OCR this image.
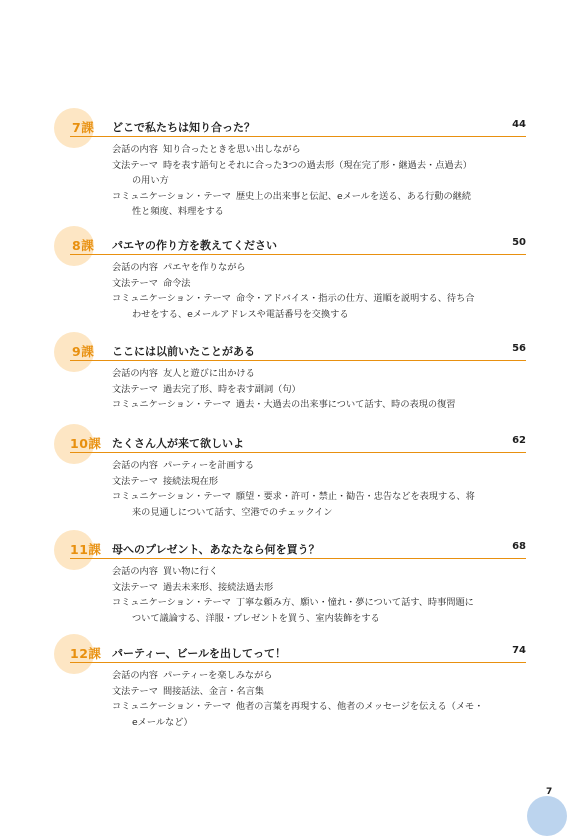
7課 どこで私たちは知り合った？	44
会話の内容 知り合ったときを思い出しながら
文法テーマ 時を表す語句とそれに合った3つの過去形（現在完了形・継過去・点過去）
の用い方
コミュニケーション・テーマ 歴史上の出来事と伝記、eメールを送る、ある行動の継続
性と頻度、料理をする
8課 パエヤの作り方を教えてください	50
会話の内容 パエヤを作りながら
文法テーマ 命令法
コミュニケーション・テーマ 命令・アドバイス・指示の仕方、道順を説明する、待ち合
わせをする、eメールアドレスや電話番号を交換する
9課 ここには以前いたことがある	56
会話の内容 友人と遊びに出かける
文法テーマ 過去完了形、時を表す副詞（句）
コミュニケーション・テーマ 過去・大過去の出来事について話す、時の表現の復習
10課 たくさん人が来て欲しいよ	62
会話の内容 パーティーを計画する
文法テーマ 接続法現在形
コミュニケーション・テーマ 願望・要求・許可・禁止・勧告・忠告などを表現する、将
来の見通しについて話す、空港でのチェックイン
11課 母へのプレゼント、あなたなら何を買う？	68
会話の内容 買い物に行く
文法テーマ 過去未来形、接続法過去形
コミュニケーション・テーマ 丁寧な頼み方、願い・憧れ・夢について話す、時事問題に
ついて議論する、洋服・プレゼントを買う、室内装飾をする
12課 パーティー、ビールを出してって！	74
会話の内容 パーティーを楽しみながら
文法テーマ 間接話法、金言・名言集
コミュニケーション・テーマ 他者の言葉を再現する、他者のメッセージを伝える（メモ・
eメールなど）
7
